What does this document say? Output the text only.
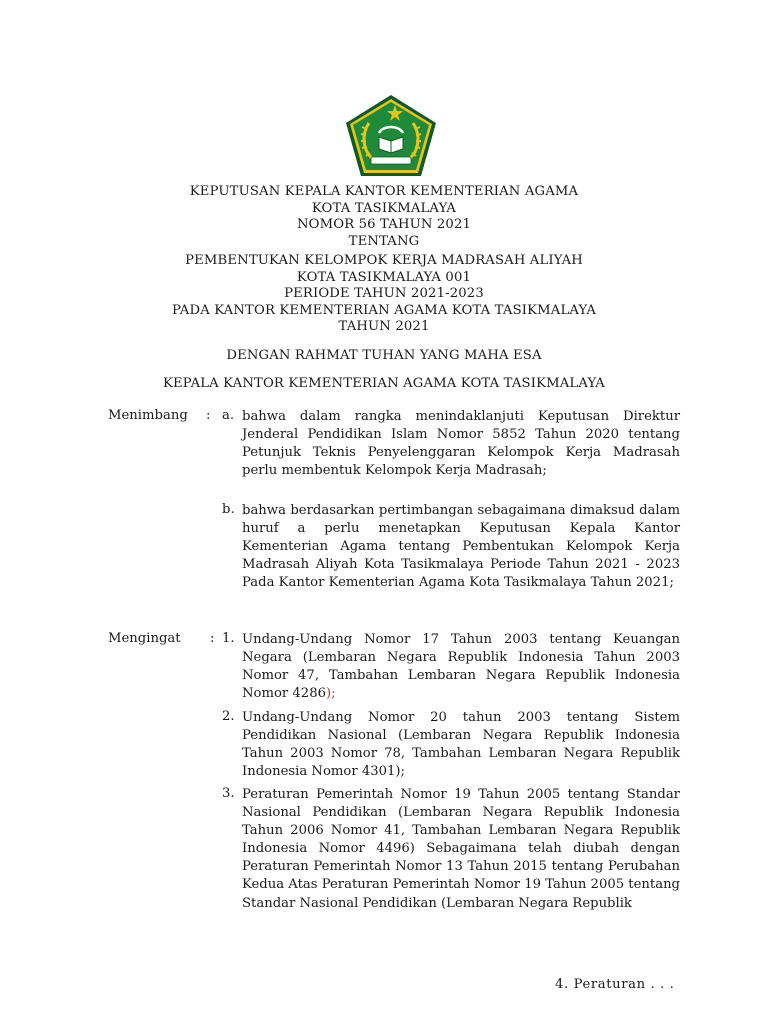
KEPUTUSAN KEPALA KANTOR KEMENTERIAN AGAMA
KOTA TASIKMALAYA
NOMOR 56 TAHUN 2021
TENTANG
PEMBENTUKAN KELOMPOK KERJA MADRASAH ALIYAH
KOTA TASIKMALAYA 001
PERIODE TAHUN 2021-2023
PADA KANTOR KEMENTERIAN AGAMA KOTA TASIKMALAYA
TAHUN 2021
DENGAN RAHMAT TUHAN YANG MAHA ESA
KEPALA KANTOR KEMENTERIAN AGAMA KOTA TASIKMALAYA
Menimbang : a. bahwa dalam rangka menindaklanjuti Keputusan Direktur Jenderal Pendidikan Islam Nomor 5852 Tahun 2020 tentang Petunjuk Teknis Penyelenggaran Kelompok Kerja Madrasah perlu membentuk Kelompok Kerja Madrasah;
b. bahwa berdasarkan pertimbangan sebagaimana dimaksud dalam huruf a perlu menetapkan Keputusan Kepala Kantor Kementerian Agama tentang Pembentukan Kelompok Kerja Madrasah Aliyah Kota Tasikmalaya Periode Tahun 2021 - 2023 Pada Kantor Kementerian Agama Kota Tasikmalaya Tahun 2021;
Mengingat : 1. Undang-Undang Nomor 17 Tahun 2003 tentang Keuangan Negara (Lembaran Negara Republik Indonesia Tahun 2003 Nomor 47, Tambahan Lembaran Negara Republik Indonesia Nomor 4286);
2. Undang-Undang Nomor 20 tahun 2003 tentang Sistem Pendidikan Nasional (Lembaran Negara Republik Indonesia Tahun 2003 Nomor 78, Tambahan Lembaran Negara Republik Indonesia Nomor 4301);
3. Peraturan Pemerintah Nomor 19 Tahun 2005 tentang Standar Nasional Pendidikan (Lembaran Negara Republik Indonesia Tahun 2006 Nomor 41, Tambahan Lembaran Negara Republik Indonesia Nomor 4496) Sebagaimana telah diubah dengan Peraturan Pemerintah Nomor 13 Tahun 2015 tentang Perubahan Kedua Atas Peraturan Pemerintah Nomor 19 Tahun 2005 tentang Standar Nasional Pendidikan (Lembaran Negara Republik
4. Peraturan . . .
